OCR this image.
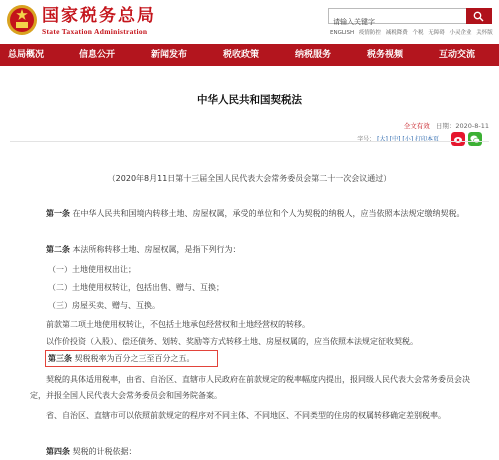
国家税务总局
State Taxation Administration
请输入关键字	ENGLISH 疫情防控 减税降费 个税 无障碍 小灵企业 关怀版
总局概况	信息公开	新闻发布	税收政策	纳税服务	税务视频	互动交流
中华人民共和国契税法
全文有效 日期：2020-8-11
字号： [大] [中] [小] 打印本页
（2020年8月11日第十三届全国人民代表大会常务委员会第二十一次会议通过）
第一条 在中华人民共和国境内转移土地、房屋权属，承受的单位和个人为契税的纳税人，应当依照本法规定缴纳契税。
第二条 本法所称转移土地、房屋权属，是指下列行为：
（一）土地使用权出让；
（二）土地使用权转让，包括出售、赠与、互换；
（三）房屋买卖、赠与、互换。
前款第二项土地使用权转让，不包括土地承包经营权和土地经营权的转移。
以作价投资（入股）、偿还债务、划转、奖励等方式转移土地、房屋权属的，应当依照本法规定征收契税。
第三条 契税税率为百分之三至百分之五。
契税的具体适用税率，由省、自治区、直辖市人民政府在前款规定的税率幅度内提出，报同级人民代表大会常务委员会决定，并报全国人民代表大会常务委员会和国务院备案。
省、自治区、直辖市可以依照前款规定的程序对不同主体、不同地区、不同类型的住房的权属转移确定差别税率。
第四条 契税的计税依据：
